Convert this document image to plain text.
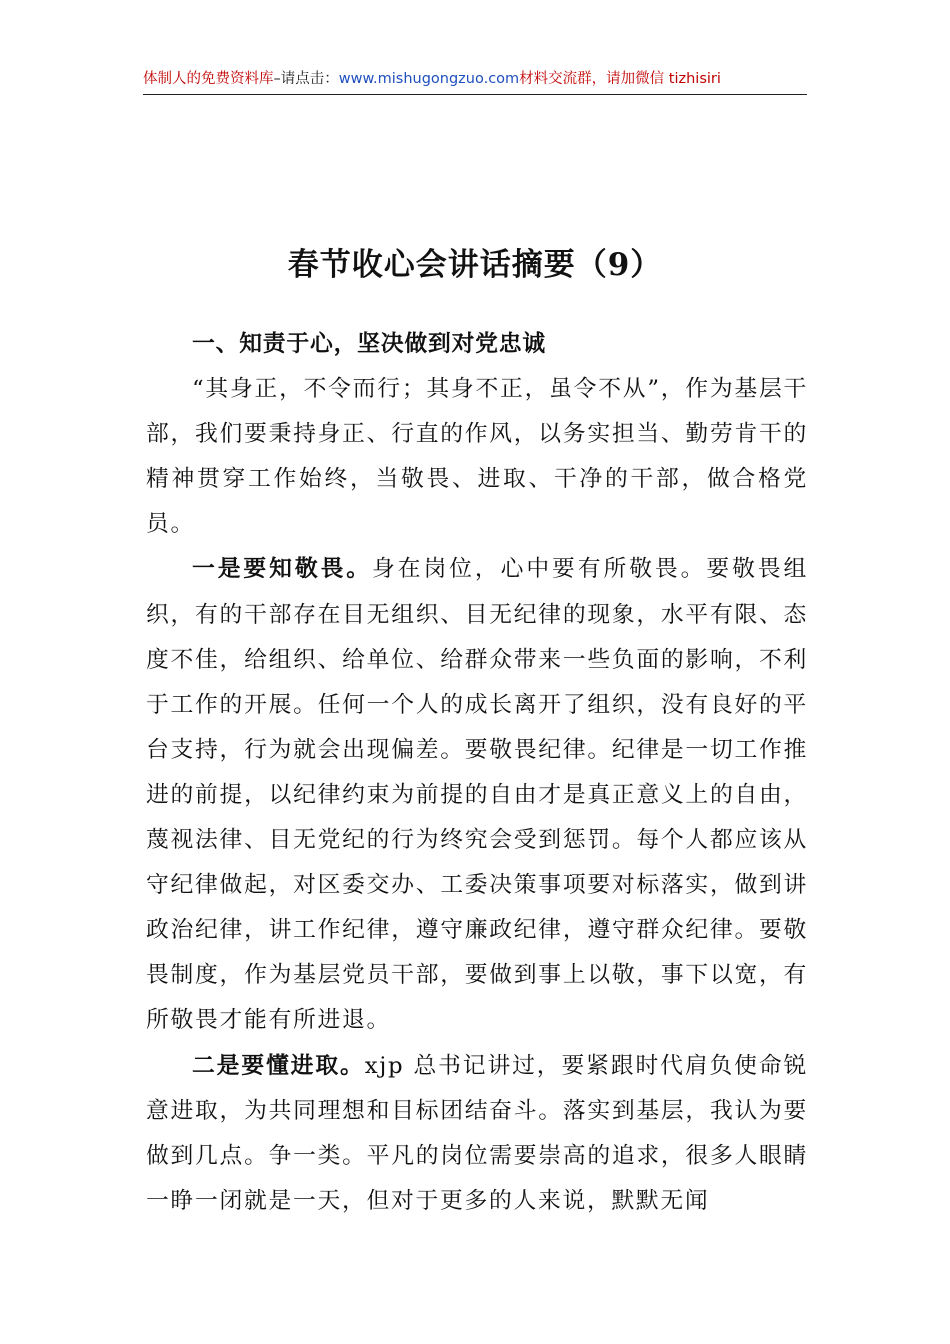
体制人的免费资料库–请点击：www.mishugongzuo.com材料交流群，请加微信 tizhisiri
春节收心会讲话摘要（9）

一、知责于心，坚决做到对党忠诚

“其身正，不令而行；其身不正，虽令不从”，作为基层干部，我们要秉持身正、行直的作风，以务实担当、勤劳肯干的精神贯穿工作始终，当敬畏、进取、干净的干部，做合格党员。

一是要知敬畏。身在岗位，心中要有所敬畏。要敬畏组织，有的干部存在目无组织、目无纪律的现象，水平有限、态度不佳，给组织、给单位、给群众带来一些负面的影响，不利于工作的开展。任何一个人的成长离开了组织，没有良好的平台支持，行为就会出现偏差。要敬畏纪律。纪律是一切工作推进的前提，以纪律约束为前提的自由才是真正意义上的自由，蔑视法律、目无党纪的行为终究会受到惩罚。每个人都应该从守纪律做起，对区委交办、工委决策事项要对标落实，做到讲政治纪律，讲工作纪律，遵守廉政纪律，遵守群众纪律。要敬畏制度，作为基层党员干部，要做到事上以敬，事下以宽，有所敬畏才能有所进退。

二是要懂进取。xjp 总书记讲过，要紧跟时代肩负使命锐意进取，为共同理想和目标团结奋斗。落实到基层，我认为要做到几点。争一类。平凡的岗位需要崇高的追求，很多人眼睛一睁一闭就是一天，但对于更多的人来说，默默无闻
